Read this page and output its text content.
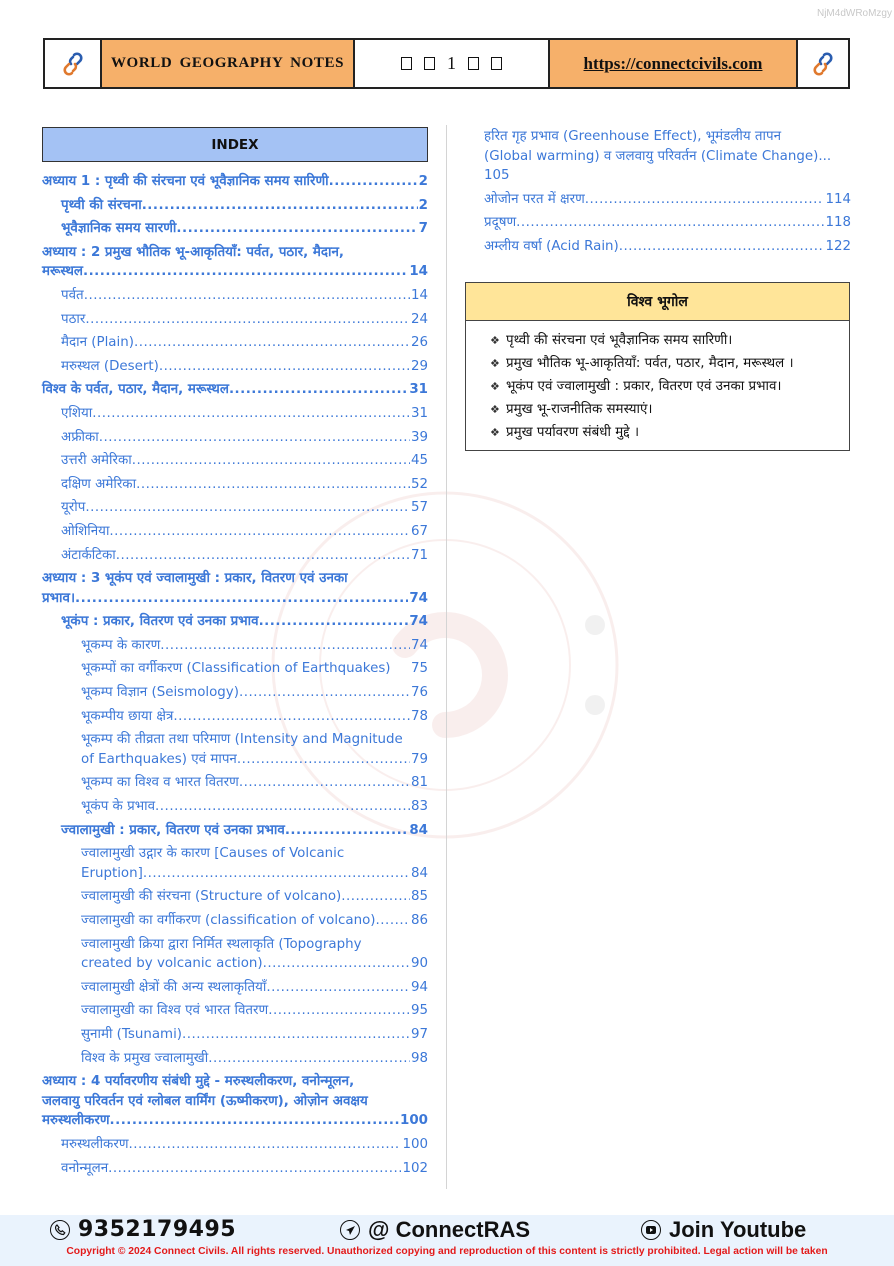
NjM4dWRoMzgy
WORLD GEOGRAPHY NOTES	1	https://connectcivils.com
INDEX
अध्याय 1 : पृथ्वी की संरचना एवं भूवैज्ञानिक समय सारिणी .....	2
पृथ्वी की संरचना .....	2
भूवैज्ञानिक समय सारणी .....	7
अध्याय : 2 प्रमुख भौतिक भू-आकृतियाँ: पर्वत, पठार, मैदान,
मरूस्थल .....	14
पर्वत .....	14
पठार .....	24
मैदान (Plain) .....	26
मरुस्थल (Desert) .....	29
विश्व के पर्वत, पठार, मैदान, मरूस्थल .....	31
एशिया .....	31
अफ्रीका .....	39
उत्तरी अमेरिका .....	45
दक्षिण अमेरिका .....	52
यूरोप .....	57
ओशिनिया .....	67
अंटार्कटिका .....	71
अध्याय : 3 भूकंप एवं ज्वालामुखी : प्रकार, वितरण एवं उनका
प्रभाव। .....	74
भूकंप : प्रकार, वितरण एवं उनका प्रभाव .....	74
भूकम्प के कारण .....	74
भूकम्पों का वर्गीकरण (Classification of Earthquakes) 75
भूकम्प विज्ञान (Seismology) .....	76
भूकम्पीय छाया क्षेत्र .....	78
भूकम्प की तीव्रता तथा परिमाण (Intensity and Magnitude
of Earthquakes) एवं मापन .....	79
भूकम्प का विश्व व भारत वितरण .....	81
भूकंप के प्रभाव .....	83
ज्वालामुखी : प्रकार, वितरण एवं उनका प्रभाव .....	84
ज्वालामुखी उद्गार के कारण [Causes of Volcanic
Eruption] .....	84
ज्वालामुखी की संरचना (Structure of volcano) .....	85
ज्वालामुखी का वर्गीकरण (classification of volcano) .....	86
ज्वालामुखी क्रिया द्वारा निर्मित स्थलाकृति (Topography
created by volcanic action) .....	90
ज्वालामुखी क्षेत्रों की अन्य स्थलाकृतियाँ .....	94
ज्वालामुखी का विश्व एवं भारत वितरण .....	95
सुनामी (Tsunami) .....	97
विश्व के प्रमुख ज्वालामुखी .....	98
अध्याय : 4 पर्यावरणीय संबंधी मुद्दे - मरुस्थलीकरण, वनोन्मूलन,
जलवायु परिवर्तन एवं ग्लोबल वार्मिंग (ऊष्मीकरण), ओज़ोन अवक्षय
मरुस्थलीकरण .....	100
मरुस्थलीकरण .....	100
वनोन्मूलन .....	102
हरित गृह प्रभाव (Greenhouse Effect), भूमंडलीय तापन
(Global warming) व जलवायु परिवर्तन (Climate Change)...
105
ओजोन परत में क्षरण .....	114
प्रदूषण .....	118
अम्लीय वर्षा (Acid Rain) .....	122
विश्व भूगोल
❖ पृथ्वी की संरचना एवं भूवैज्ञानिक समय सारिणी।
❖ प्रमुख भौतिक भू-आकृतियाँ: पर्वत, पठार, मैदान, मरूस्थल ।
❖ भूकंप एवं ज्वालामुखी : प्रकार, वितरण एवं उनका प्रभाव।
❖ प्रमुख भू-राजनीतिक समस्याएं।
❖ प्रमुख पर्यावरण संबंधी मुद्दे ।
9352179495	@ ConnectRAS	Join Youtube
Copyright © 2024 Connect Civils. All rights reserved. Unauthorized copying and reproduction of this content is strictly prohibited. Legal action will be taken
